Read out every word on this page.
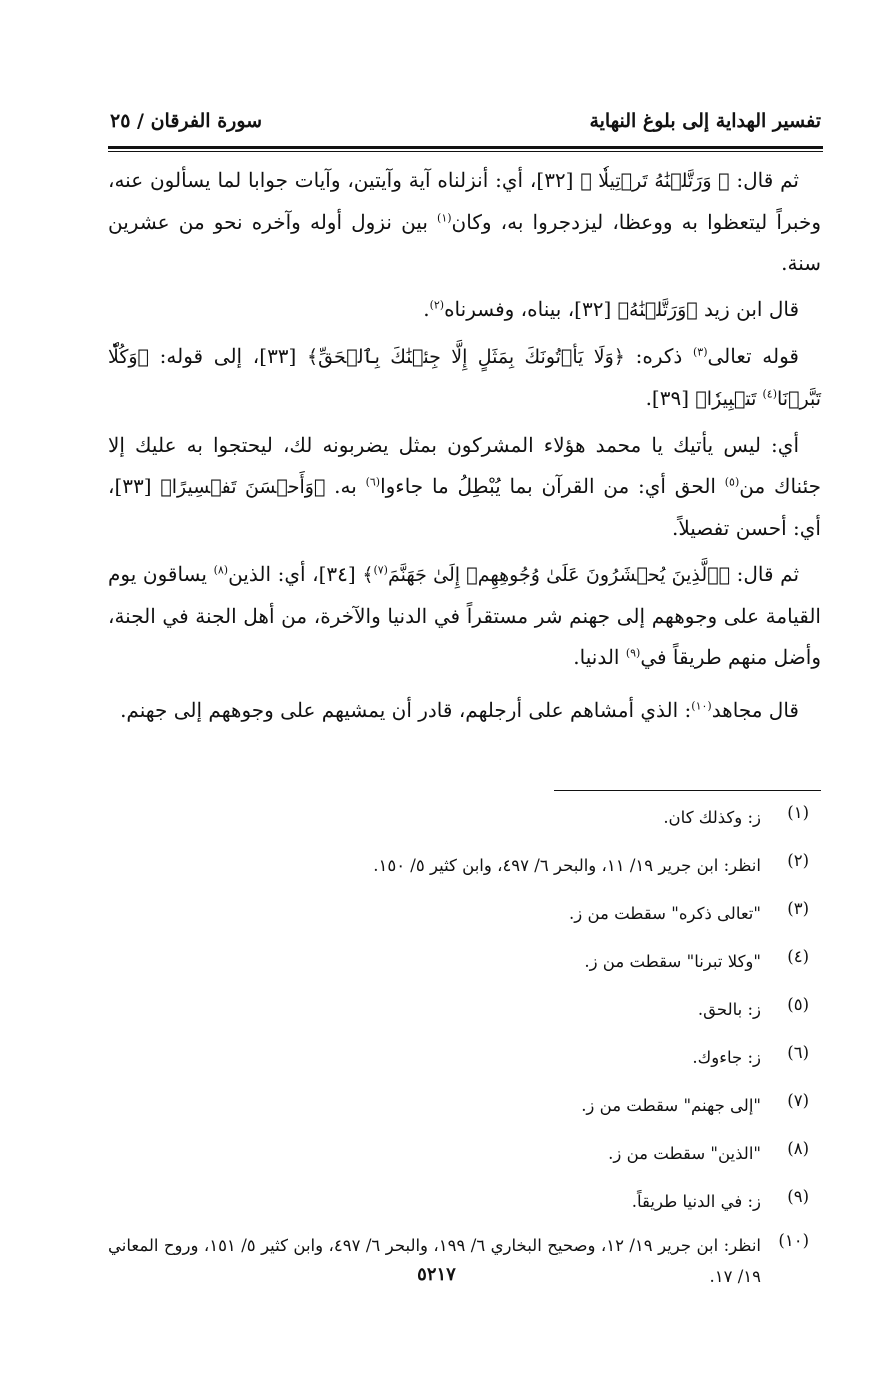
تفسير الهداية إلى بلوغ النهاية
سورة الفرقان / ٢٥

ثم قال: ﴿ وَرَتَّلۡنَٰهُ تَرۡتِيلٗا ﴾ [٣٢]، أي: أنزلناه آية وآيتين، وآيات جوابا لما يسألون عنه، وخبراً ليتعظوا به ووعظا، ليزدجروا به، وكان$^{(١)}$ بين نزول أوله وآخره نحو من عشرين سنة.

قال ابن زيد ﴿وَرَتَّلۡنَٰهُ﴾ [٣٢]، بيناه، وفسرناه$^{(٢)}$.

قوله تعالى$^{(٣)}$ ذكره: ﴿وَلَا يَأۡتُونَكَ بِمَثَلٍ إِلَّا جِئۡنَٰكَ بِٱلۡحَقِّ﴾ [٣٣]، إلى قوله: ﴿وَكُلّٗا تَبَّرۡنَا$^{(٤)}$ تَتۡبِيرٗا﴾ [٣٩].

أي: ليس يأتيك يا محمد هؤلاء المشركون بمثل يضربونه لك، ليحتجوا به عليك إلا جئناك من$^{(٥)}$ الحق أي: من القرآن بما يُبْطِلُ ما جاءوا$^{(٦)}$ به. ﴿وَأَحۡسَنَ تَفۡسِيرًا﴾ [٣٣]، أي: أحسن تفصيلاً.

ثم قال: ﴿ٱلَّذِينَ يُحۡشَرُونَ عَلَىٰ وُجُوهِهِمۡ إِلَىٰ جَهَنَّمَ$^{(٧)}$﴾ [٣٤]، أي: الذين$^{(٨)}$ يساقون يوم القيامة على وجوههم إلى جهنم شر مستقراً في الدنيا والآخرة، من أهل الجنة في الجنة، وأضل منهم طريقاً في$^{(٩)}$ الدنيا.

قال مجاهد$^{(١٠)}$: الذي أمشاهم على أرجلهم، قادر أن يمشيهم على وجوههم إلى جهنم.

(١)
ز: وكذلك كان.
(٢)
انظر: ابن جرير ١٩/ ١١، والبحر ٦/ ٤٩٧، وابن كثير ٥/ ١٥٠.
(٣)
"تعالى ذكره" سقطت من ز.
(٤)
"وكلا تبرنا" سقطت من ز.
(٥)
ز: بالحق.
(٦)
ز: جاءوك.
(٧)
"إلى جهنم" سقطت من ز.
(٨)
"الذين" سقطت من ز.
(٩)
ز: في الدنيا طريقاً.
(١٠)
انظر: ابن جرير ١٩/ ١٢، وصحيح البخاري ٦/ ١٩٩، والبحر ٦/ ٤٩٧، وابن كثير ٥/ ١٥١، وروح المعاني ١٩/ ١٧.
٥٢١٧
